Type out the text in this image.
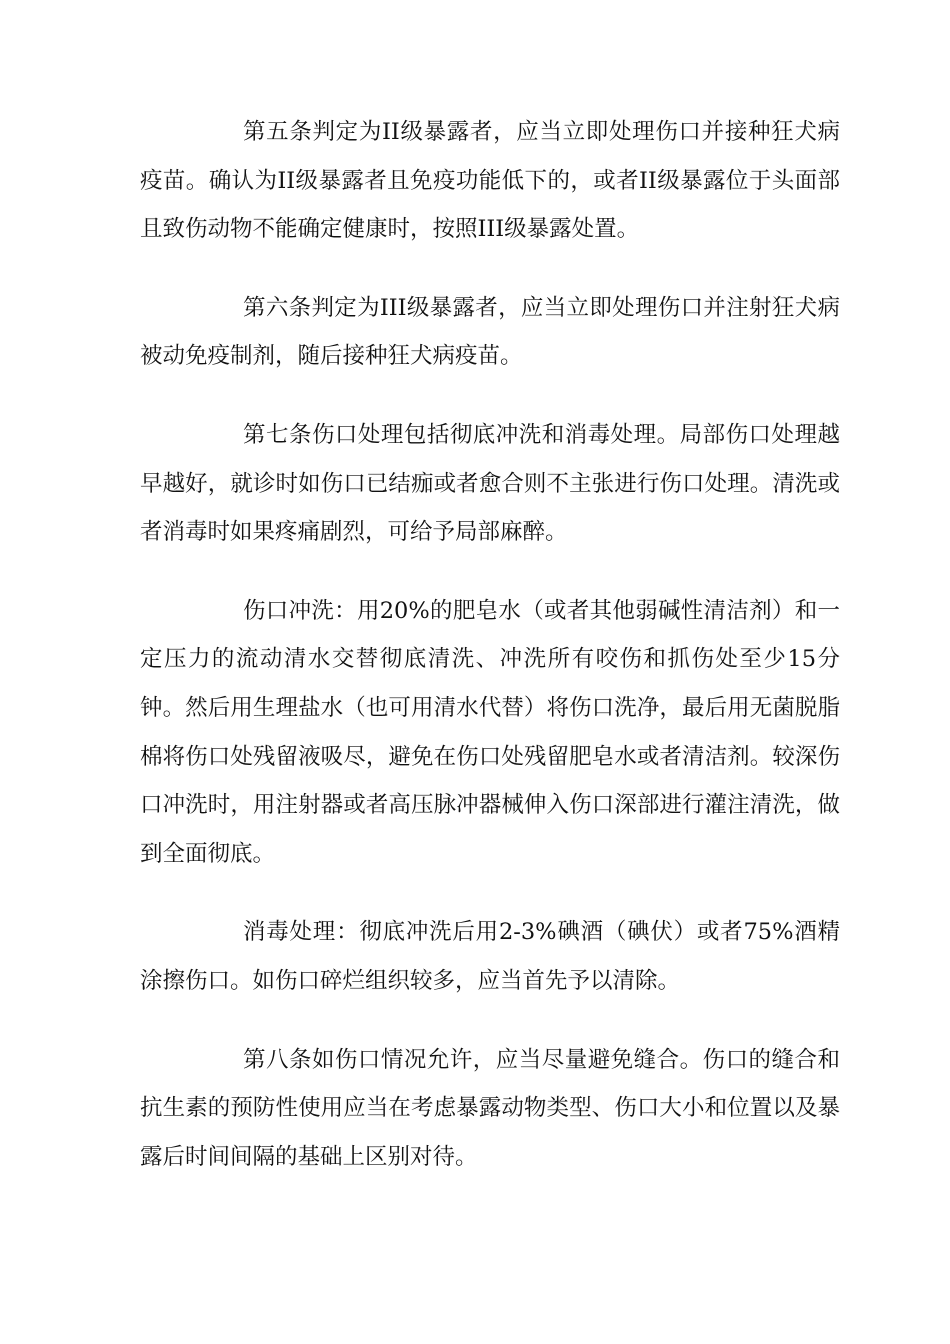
第五条判定为II级暴露者，应当立即处理伤口并接种狂犬病疫苗。确认为II级暴露者且免疫功能低下的，或者II级暴露位于头面部且致伤动物不能确定健康时，按照III级暴露处置。

第六条判定为III级暴露者，应当立即处理伤口并注射狂犬病被动免疫制剂，随后接种狂犬病疫苗。

第七条伤口处理包括彻底冲洗和消毒处理。局部伤口处理越早越好，就诊时如伤口已结痂或者愈合则不主张进行伤口处理。清洗或者消毒时如果疼痛剧烈，可给予局部麻醉。

伤口冲洗：用20%的肥皂水（或者其他弱碱性清洁剂）和一定压力的流动清水交替彻底清洗、冲洗所有咬伤和抓伤处至少15分钟。然后用生理盐水（也可用清水代替）将伤口洗净，最后用无菌脱脂棉将伤口处残留液吸尽，避免在伤口处残留肥皂水或者清洁剂。较深伤口冲洗时，用注射器或者高压脉冲器械伸入伤口深部进行灌注清洗，做到全面彻底。

消毒处理：彻底冲洗后用2-3%碘酒（碘伏）或者75%酒精涂擦伤口。如伤口碎烂组织较多，应当首先予以清除。

第八条如伤口情况允许，应当尽量避免缝合。伤口的缝合和抗生素的预防性使用应当在考虑暴露动物类型、伤口大小和位置以及暴露后时间间隔的基础上区别对待。
